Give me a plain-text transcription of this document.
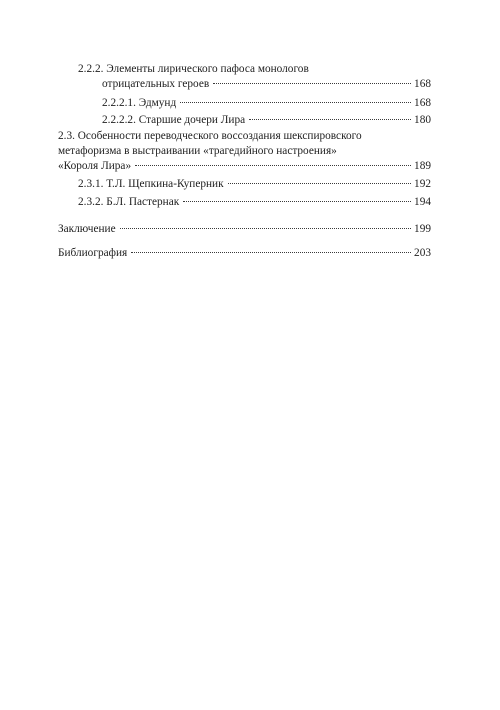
2.2.2. Элементы лирического пафоса монологов
отрицательных героев	168
2.2.2.1. Эдмунд	168
2.2.2.2. Старшие дочери Лира	180
2.3. Особенности переводческого воссоздания шекспировского
метафоризма в выстраивании «трагедийного настроения»
«Короля Лира»	189
2.3.1. Т.Л. Щепкина-Куперник	192
2.3.2. Б.Л. Пастернак	194
Заключение	199
Библиография	203
